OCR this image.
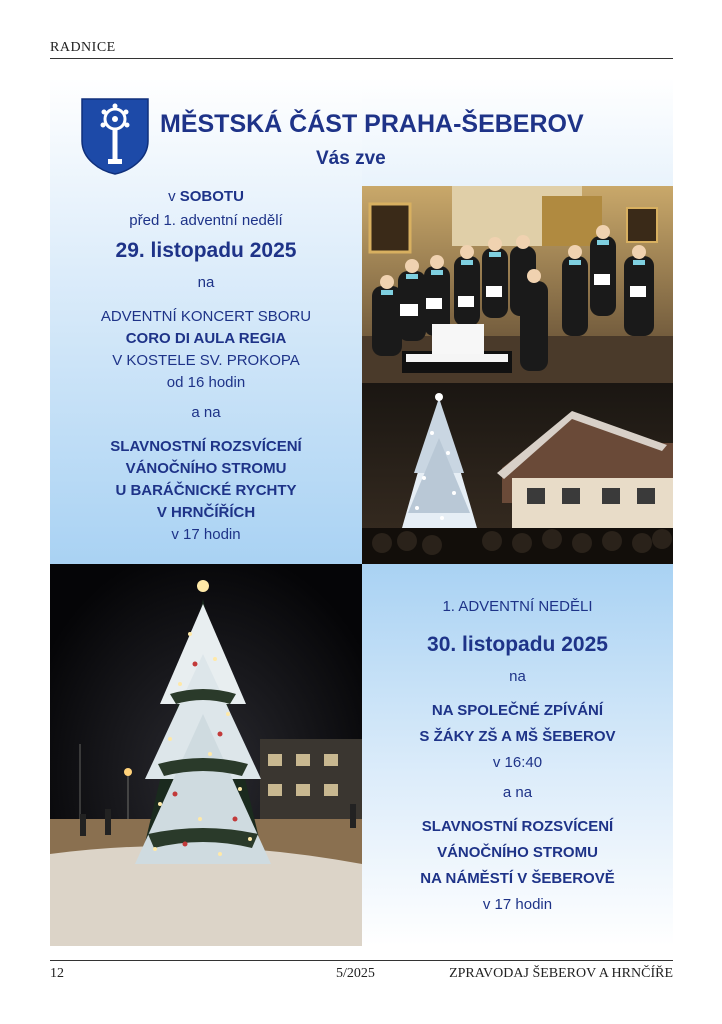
RADNICE
MĚSTSKÁ ČÁST PRAHA-ŠEBEROV
Vás zve

v SOBOTU

před 1. adventní nedělí

29. listopadu 2025

na

ADVENTNÍ KONCERT SBORU

CORO DI AULA REGIA

V KOSTELE SV. PROKOPA

od 16 hodin

a na

SLAVNOSTNÍ ROZSVÍCENÍ

VÁNOČNÍHO STROMU

U BARÁČNICKÉ RYCHTY

V HRNČÍŘÍCH

v 17 hodin

1. ADVENTNÍ NEDĚLI

30. listopadu 2025

na

NA SPOLEČNÉ ZPÍVÁNÍ

S ŽÁKY ZŠ A MŠ ŠEBEROV

v 16:40

a na

SLAVNOSTNÍ ROZSVÍCENÍ

VÁNOČNÍHO STROMU

NA NÁMĚSTÍ V ŠEBEROVĚ

v 17 hodin

12	5/2025	ZPRAVODAJ ŠEBEROV A HRNČÍŘE
